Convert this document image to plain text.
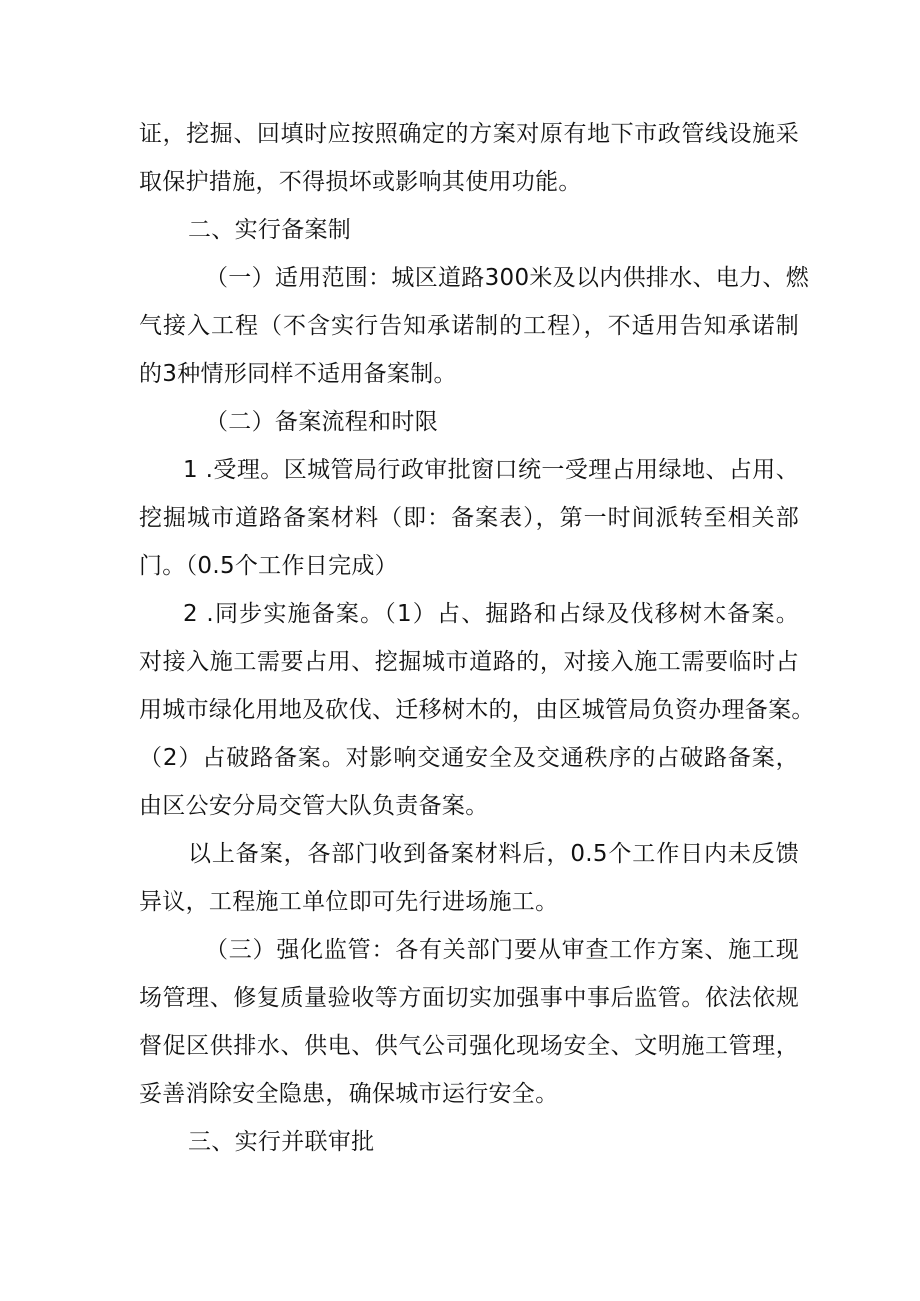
证，挖掘、回填时应按照确定的方案对原有地下市政管线设施采
取保护措施，不得损坏或影响其使用功能。
二、实行备案制
（一）适用范围：城区道路300米及以内供排水、电力、燃
气接入工程（不含实行告知承诺制的工程），不适用告知承诺制
的3种情形同样不适用备案制。
（二）备案流程和时限
1 .受理。区城管局行政审批窗口统一受理占用绿地、占用、
挖掘城市道路备案材料（即：备案表），第一时间派转至相关部
门。（0.5个工作日完成）
2 .同步实施备案。（1）占、掘路和占绿及伐移树木备案。
对接入施工需要占用、挖掘城市道路的，对接入施工需要临时占
用城市绿化用地及砍伐、迁移树木的，由区城管局负资办理备案。
（2）占破路备案。对影响交通安全及交通秩序的占破路备案，
由区公安分局交管大队负责备案。
以上备案，各部门收到备案材料后，0.5个工作日内未反馈
异议，工程施工单位即可先行进场施工。
（三）强化监管：各有关部门要从审查工作方案、施工现
场管理、修复质量验收等方面切实加强事中事后监管。依法依规
督促区供排水、供电、供气公司强化现场安全、文明施工管理，
妥善消除安全隐患，确保城市运行安全。
三、实行并联审批
